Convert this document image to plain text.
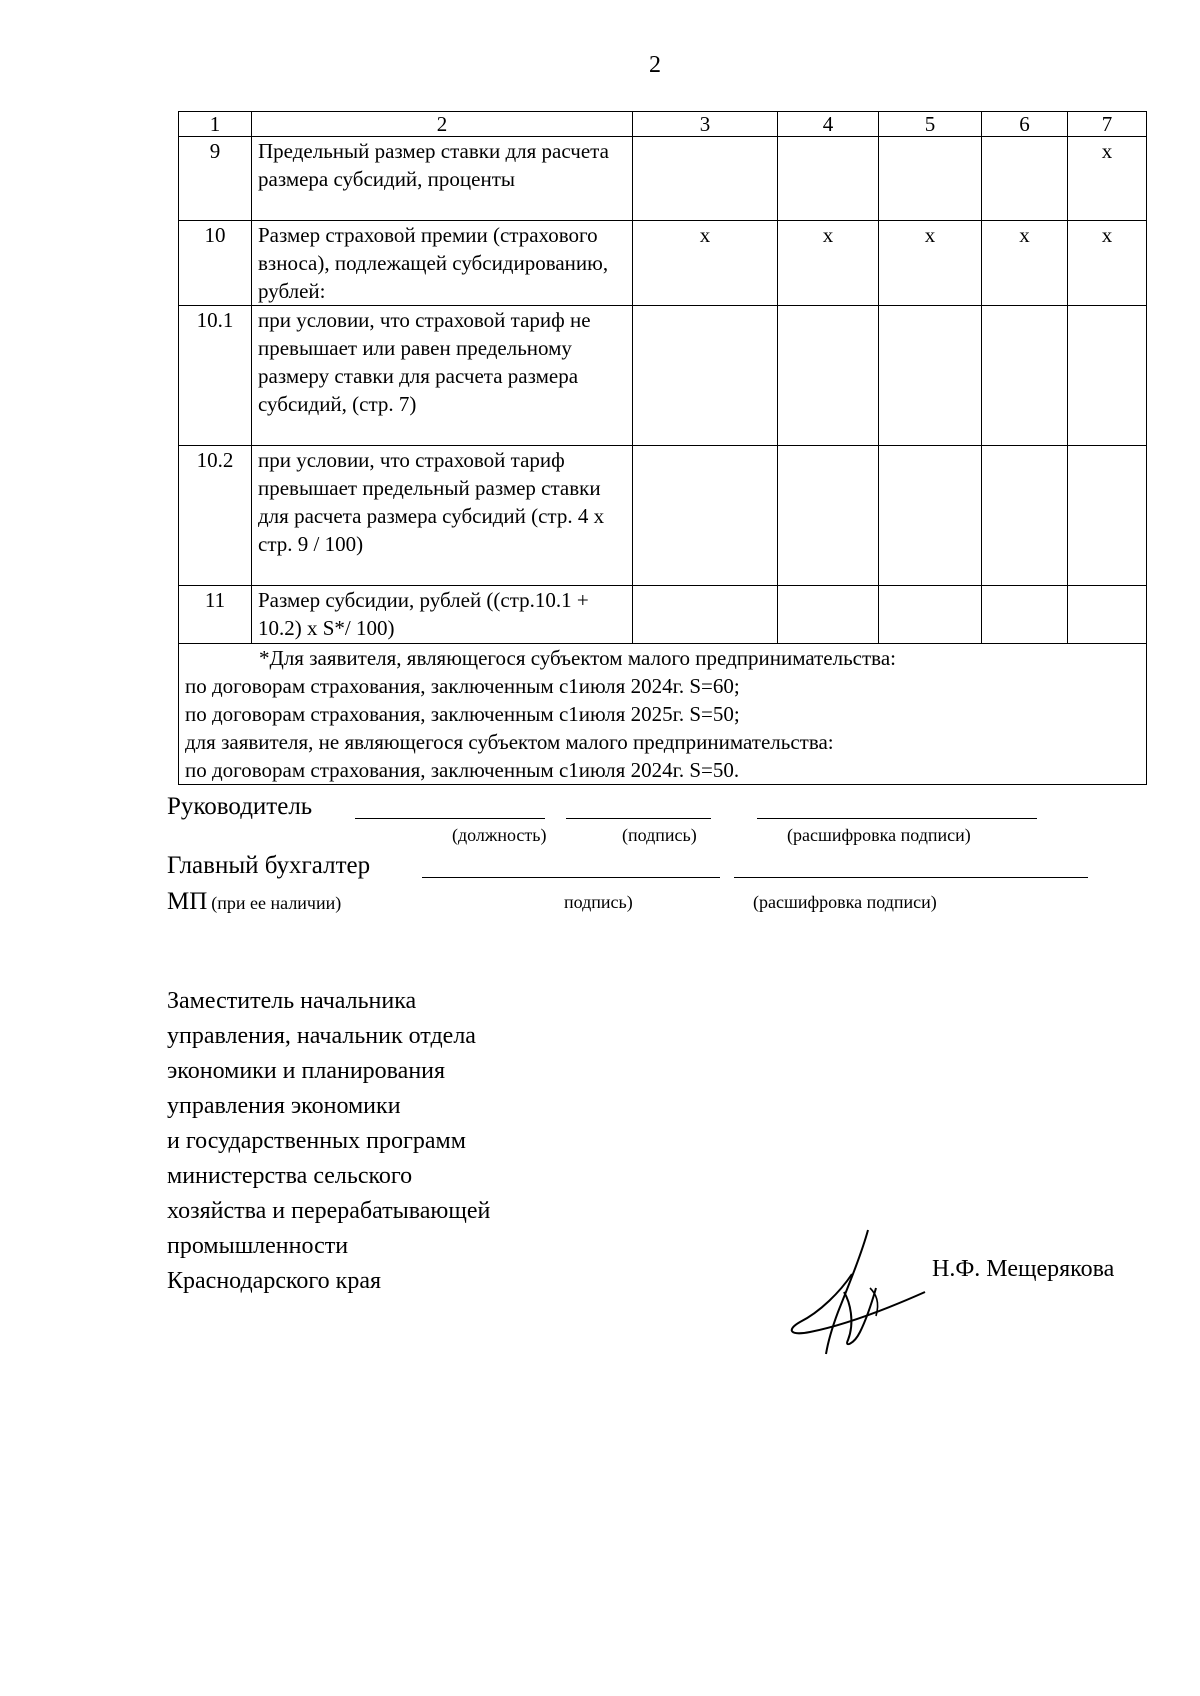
2
1	2	3	4	5	6	7
9	Предельный размер ставки для расчета размера субсидий, проценты					x
10	Размер страховой премии (страхового взноса), подлежащей субсидированию, рублей:	x	x	x	x	x
10.1	при условии, что страховой тариф не превышает или равен предельному размеру ставки для расчета размера субсидий, (стр. 7)					
10.2	при условии, что страховой тариф превышает предельный размер ставки для расчета размера субсидий (стр. 4 х стр. 9 / 100)					
11	Размер субсидии, рублей ((стр.10.1 + 10.2) х S*/ 100)					

*Для заявителя, являющегося субъектом малого предпринимательства:
по договорам страхования, заключенным с1июля 2024г. S=60;
по договорам страхования, заключенным с1июля 2025г. S=50;
для заявителя, не являющегося субъектом малого предпринимательства:
по договорам страхования, заключенным с1июля 2024г. S=50.						
Руководитель
(должность)	(подпись)	(расшифровка подписи)
Главный бухгалтер
МП (при ее наличии)	подпись)	(расшифровка подписи)
Заместитель начальника
управления, начальник отдела
экономики и планирования
управления экономики
и государственных программ
министерства сельского
хозяйства и перерабатывающей
промышленности
Краснодарского края	Н.Ф. Мещерякова
